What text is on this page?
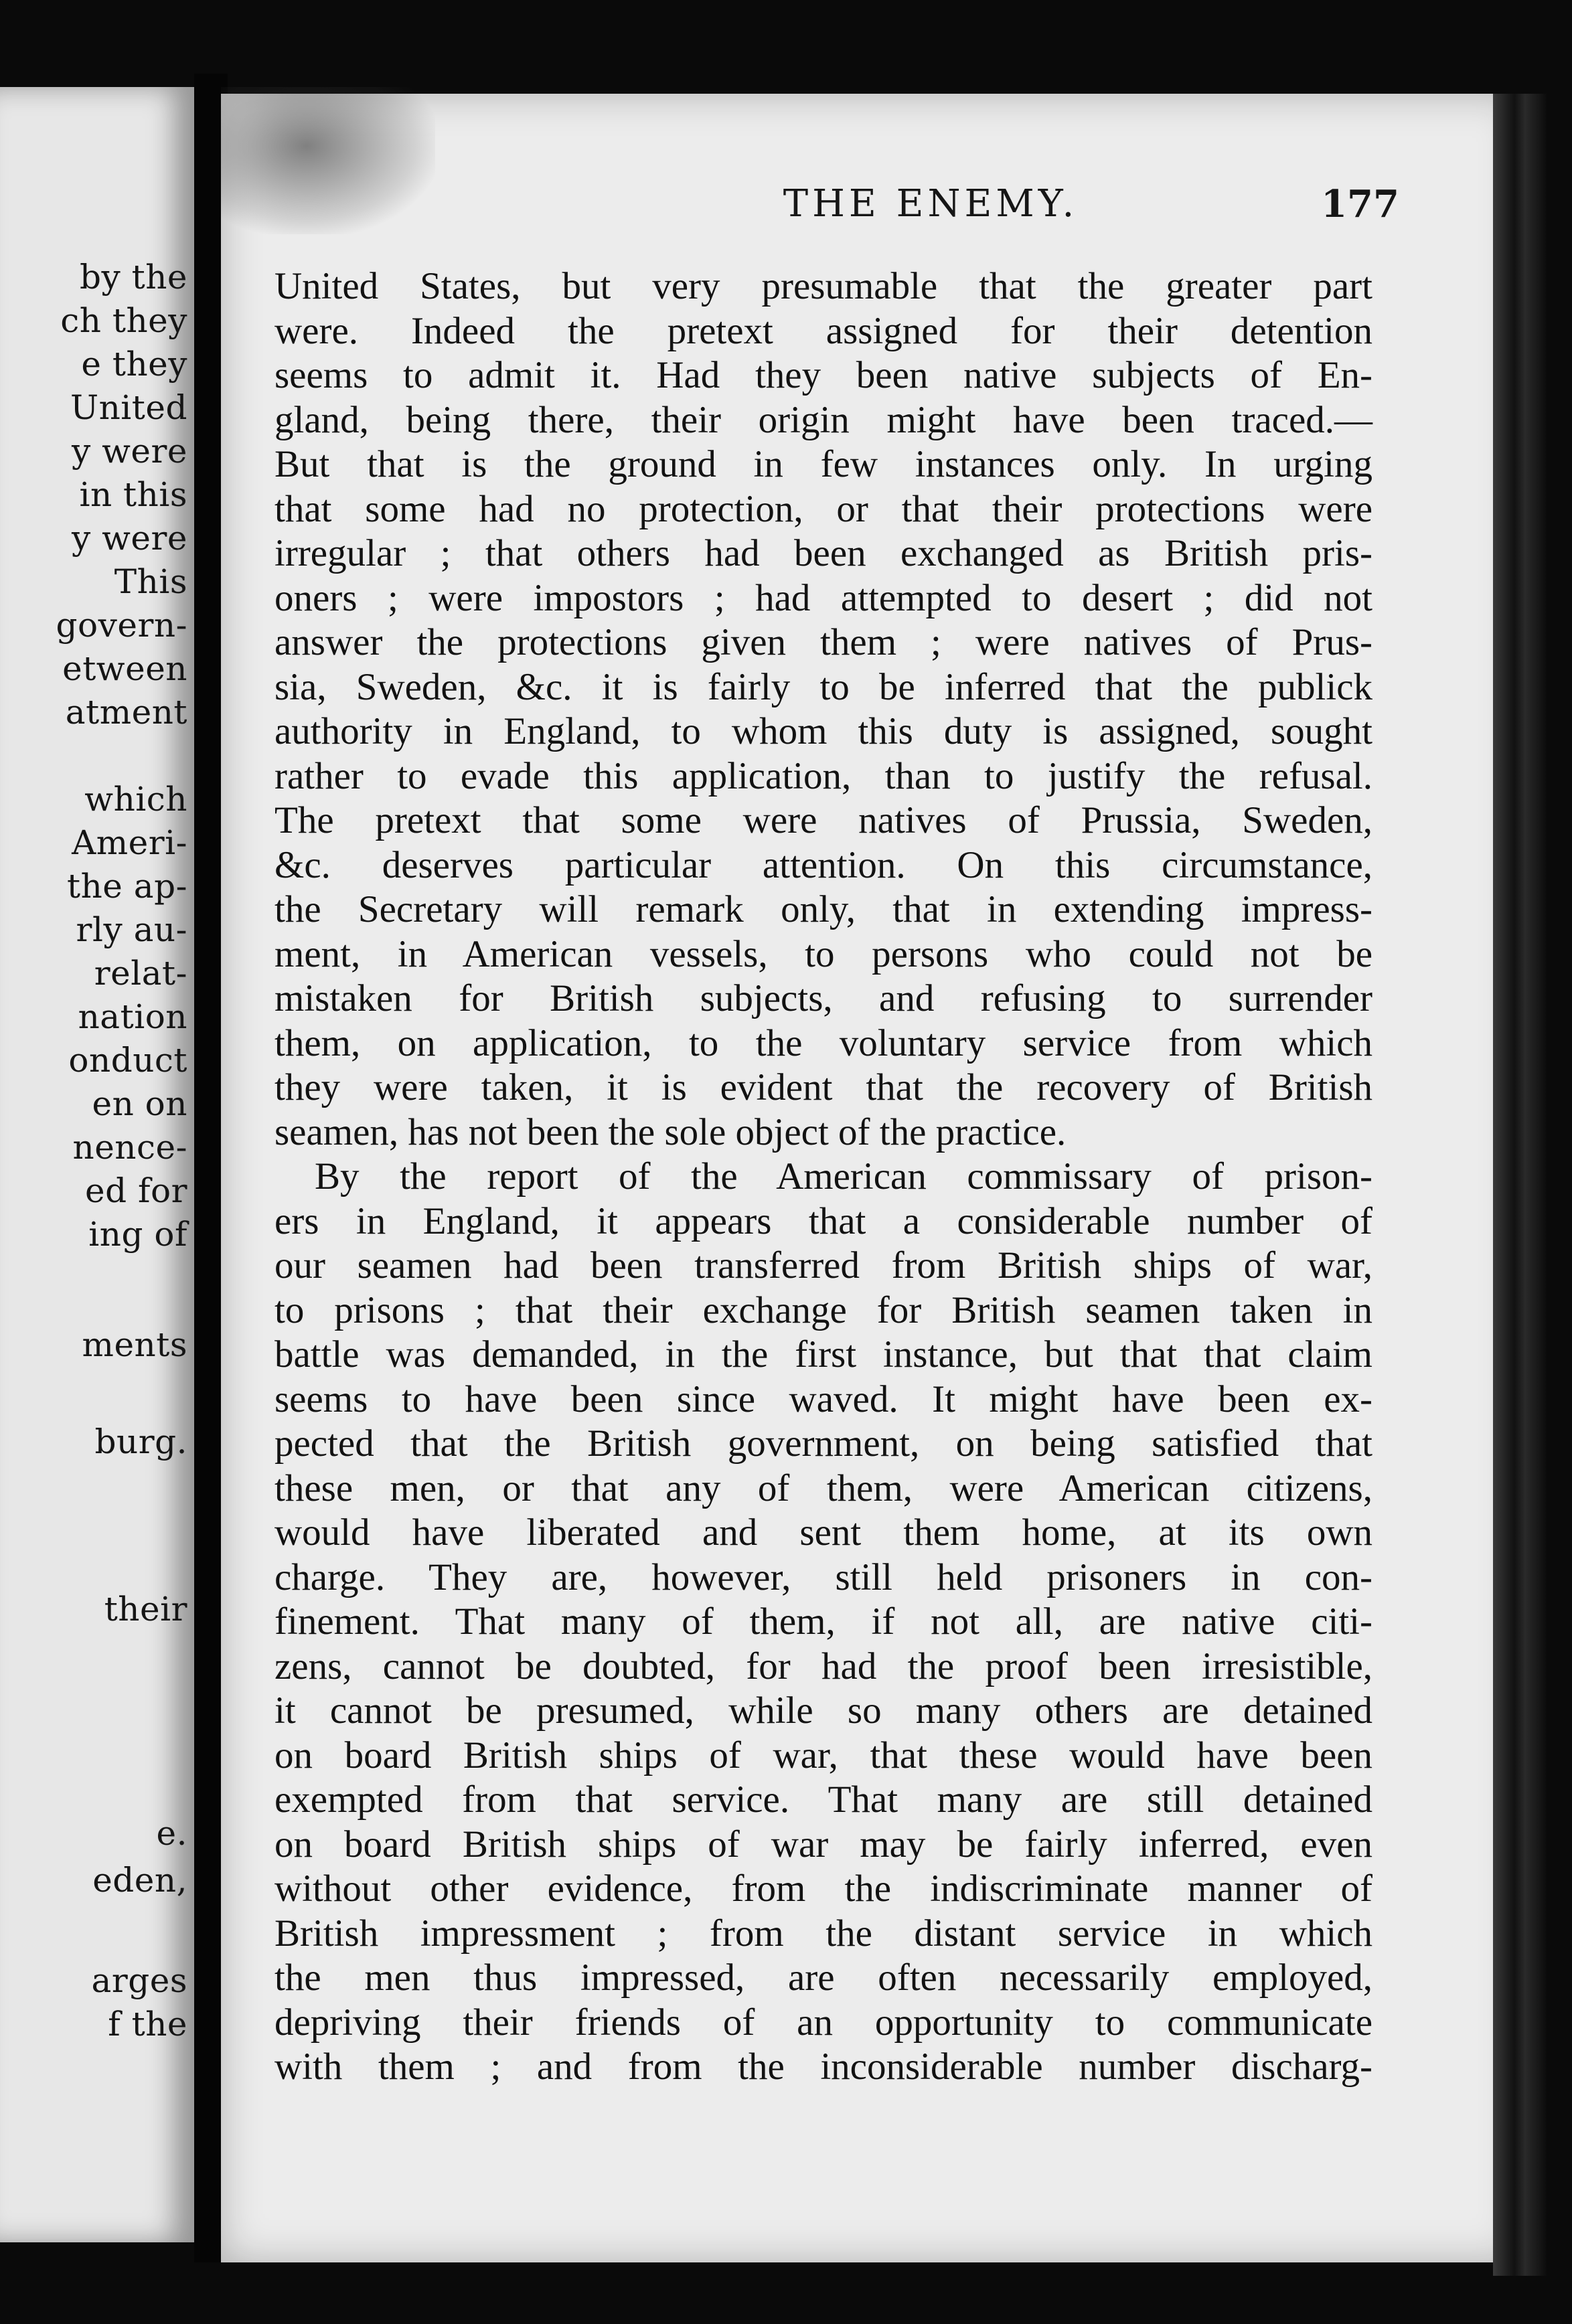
by the
ch they
e they
United
y were
in this
y were
This
govern-
etween
atment
which
Ameri-
the ap-
rly au-
relat-
nation
onduct
en on
nence-
ed for
ing of
ments
burg.
their
e.
eden,
arges
f the
THE ENEMY.	177
United States, but very presumable that the greater part
were. Indeed the pretext assigned for their detention
seems to admit it. Had they been native subjects of En-
gland, being there, their origin might have been traced.—
But that is the ground in few instances only. In urging
that some had no protection, or that their protections were
irregular ; that others had been exchanged as British pris-
oners ; were impostors ; had attempted to desert ; did not
answer the protections given them ; were natives of Prus-
sia, Sweden, &c. it is fairly to be inferred that the publick
authority in England, to whom this duty is assigned, sought
rather to evade this application, than to justify the refusal.
The pretext that some were natives of Prussia, Sweden,
&c. deserves particular attention. On this circumstance,
the Secretary will remark only, that in extending impress-
ment, in American vessels, to persons who could not be
mistaken for British subjects, and refusing to surrender
them, on application, to the voluntary service from which
they were taken, it is evident that the recovery of British
seamen, has not been the sole object of the practice.
By the report of the American commissary of prison-
ers in England, it appears that a considerable number of
our seamen had been transferred from British ships of war,
to prisons ; that their exchange for British seamen taken in
battle was demanded, in the first instance, but that that claim
seems to have been since waved. It might have been ex-
pected that the British government, on being satisfied that
these men, or that any of them, were American citizens,
would have liberated and sent them home, at its own
charge. They are, however, still held prisoners in con-
finement. That many of them, if not all, are native citi-
zens, cannot be doubted, for had the proof been irresistible,
it cannot be presumed, while so many others are detained
on board British ships of war, that these would have been
exempted from that service. That many are still detained
on board British ships of war may be fairly inferred, even
without other evidence, from the indiscriminate manner of
British impressment ; from the distant service in which
the men thus impressed, are often necessarily employed,
depriving their friends of an opportunity to communicate
with them ; and from the inconsiderable number discharg-
